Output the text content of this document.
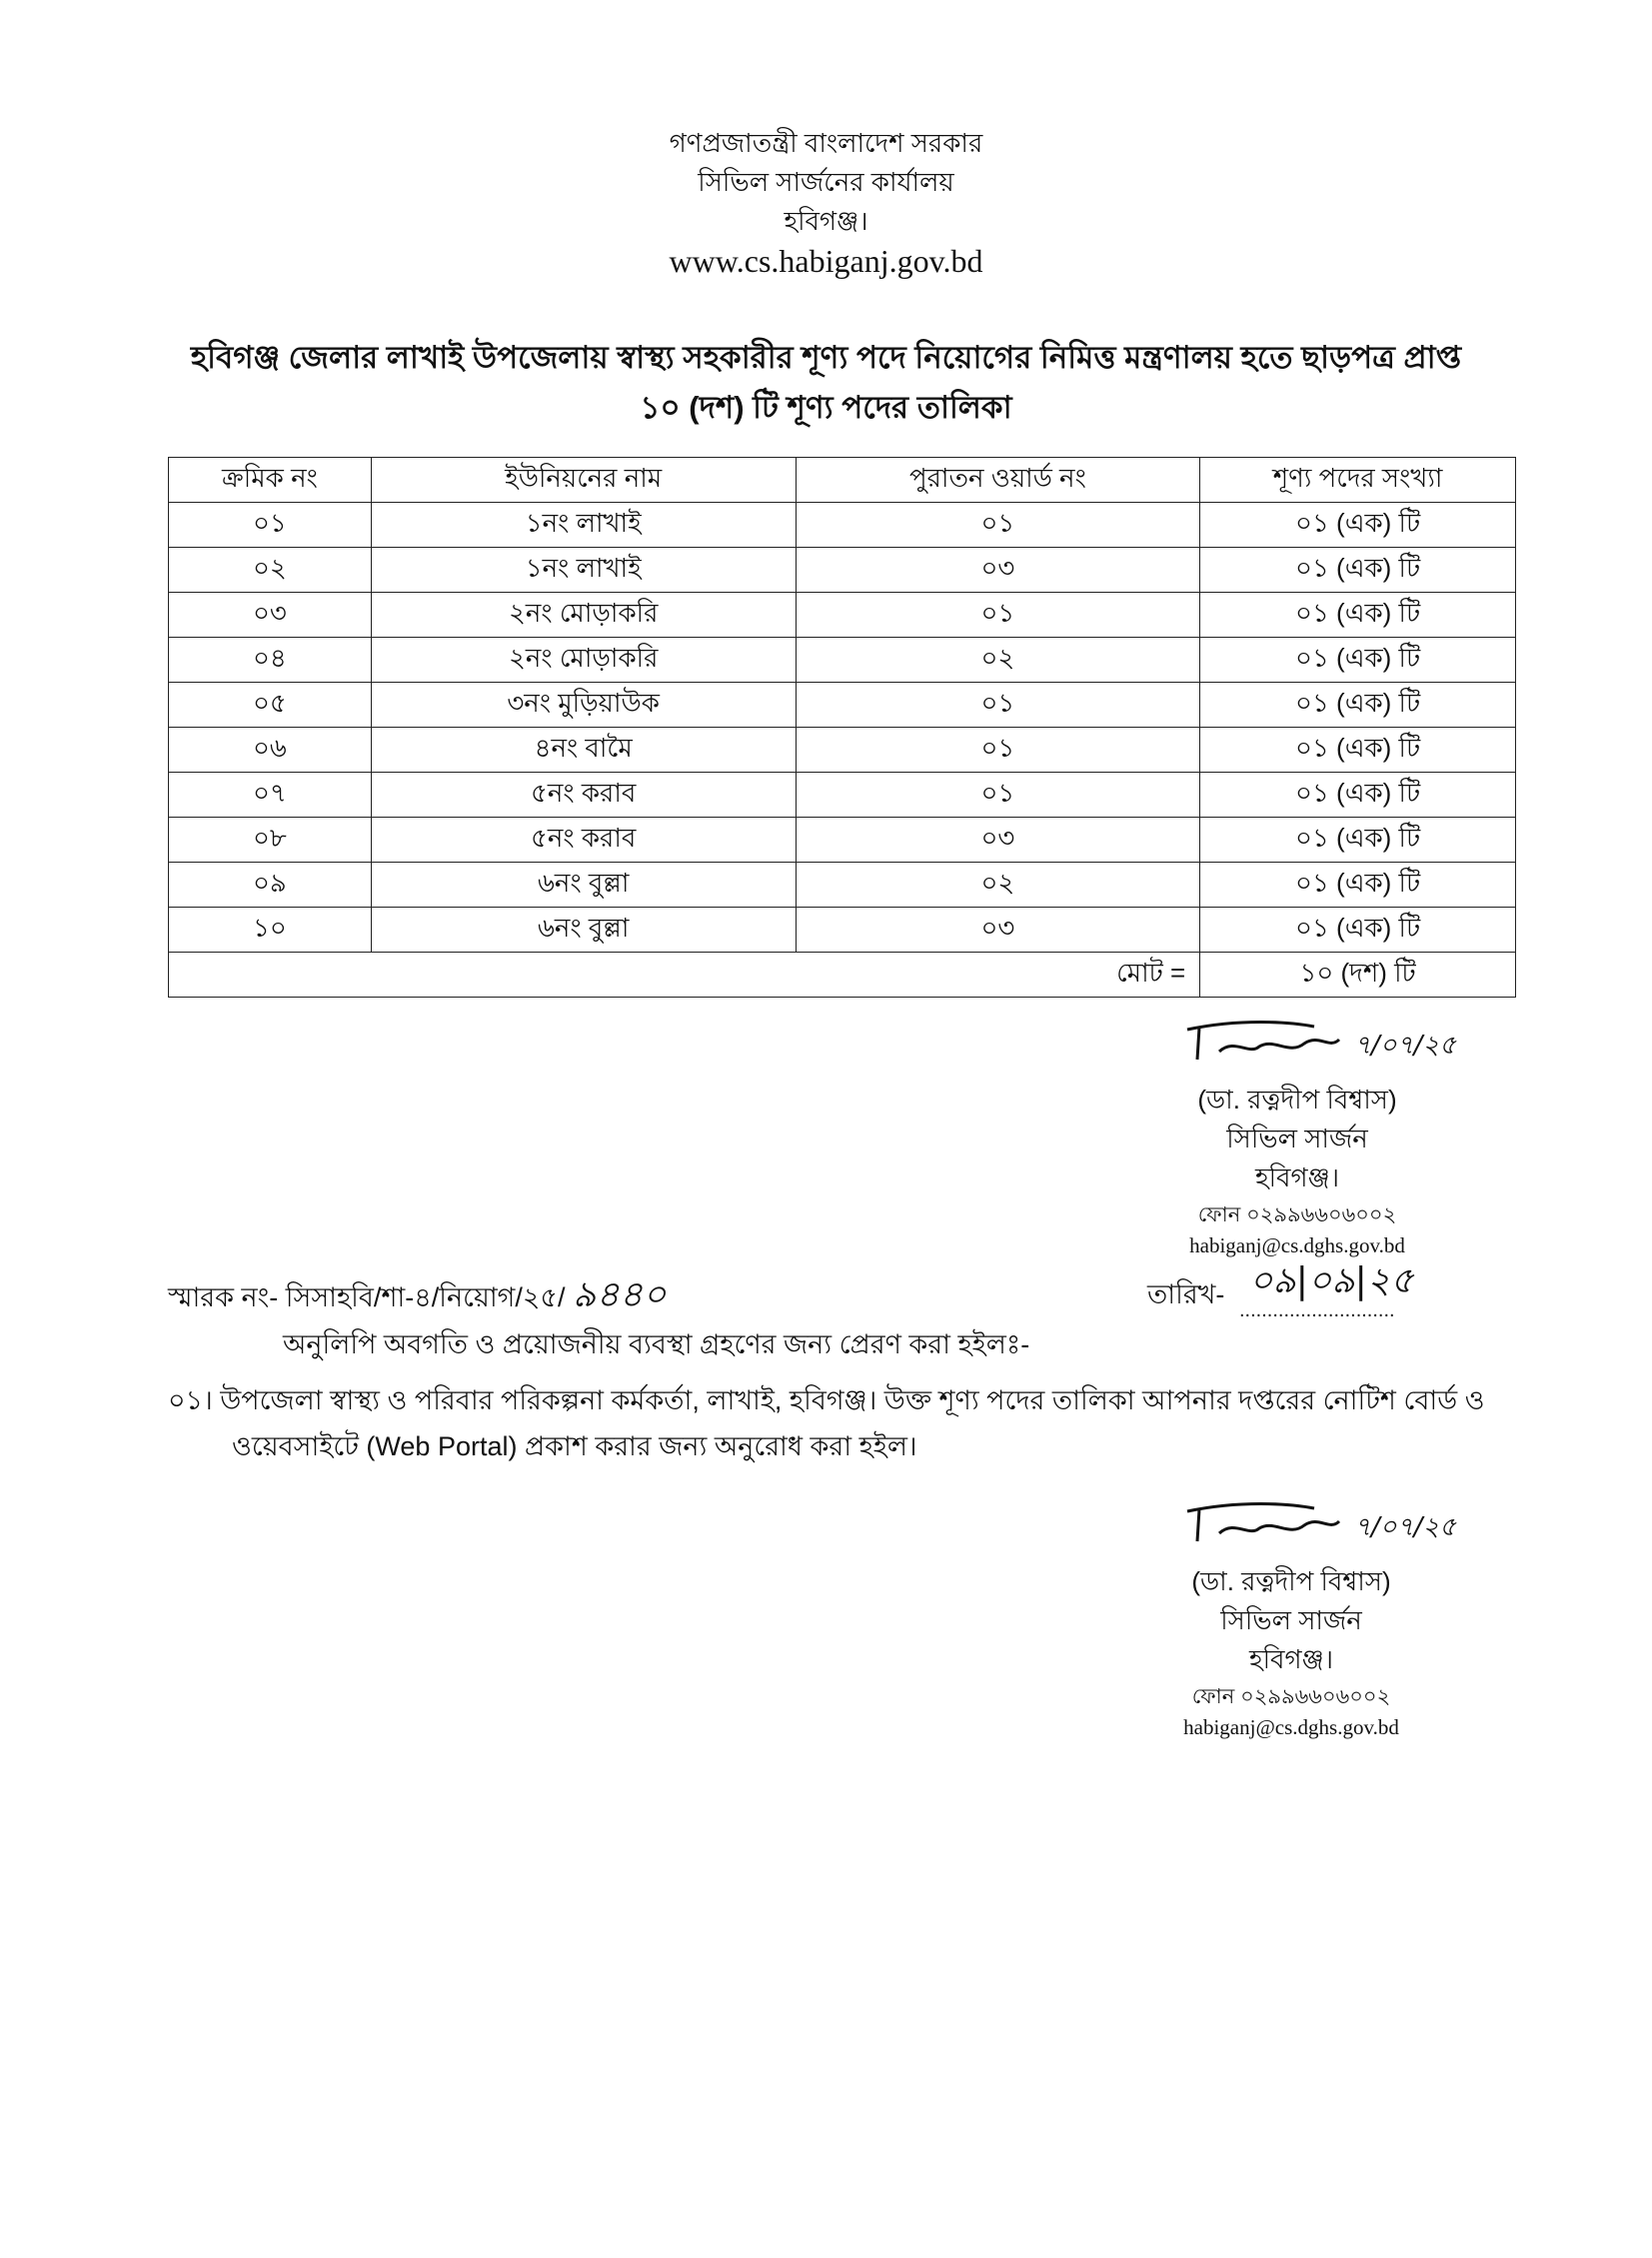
গণপ্রজাতন্ত্রী বাংলাদেশ সরকার
সিভিল সার্জনের কার্যালয়
হবিগঞ্জ।
www.cs.habiganj.gov.bd
হবিগঞ্জ জেলার লাখাই উপজেলায় স্বাস্থ্য সহকারীর শূণ্য পদে নিয়োগের নিমিত্ত মন্ত্রণালয় হতে ছাড়পত্র প্রাপ্ত
১০ (দশ) টি শূণ্য পদের তালিকা
ক্রমিক নং	ইউনিয়নের নাম	পুরাতন ওয়ার্ড নং	শূণ্য পদের সংখ্যা
০১	১নং লাখাই	০১	০১ (এক) টি
০২	১নং লাখাই	০৩	০১ (এক) টি
০৩	২নং মোড়াকরি	০১	০১ (এক) টি
০৪	২নং মোড়াকরি	০২	০১ (এক) টি
০৫	৩নং মুড়িয়াউক	০১	০১ (এক) টি
০৬	৪নং বামৈ	০১	০১ (এক) টি
০৭	৫নং করাব	০১	০১ (এক) টি
০৮	৫নং করাব	০৩	০১ (এক) টি
০৯	৬নং বুল্লা	০২	০১ (এক) টি
১০	৬নং বুল্লা	০৩	০১ (এক) টি
মোট =			১০ (দশ) টি
৭/০৭/২৫
(ডা. রত্নদীপ বিশ্বাস)
সিভিল সার্জন
হবিগঞ্জ।
ফোন ০২৯৯৬৬০৬০০২
habiganj@cs.dghs.gov.bd
স্মারক নং- সিসাহবি/শা-৪/নিয়োগ/২৫/ ৯৪৪০	তারিখ- ০৯|০৯|২৫
............................
অনুলিপি অবগতি ও প্রয়োজনীয় ব্যবস্থা গ্রহণের জন্য প্রেরণ করা হইলঃ-
০১। উপজেলা স্বাস্থ্য ও পরিবার পরিকল্পনা কর্মকর্তা, লাখাই, হবিগঞ্জ। উক্ত শূণ্য পদের তালিকা আপনার দপ্তরের নোটিশ বোর্ড ও
ওয়েবসাইটে (Web Portal) প্রকাশ করার জন্য অনুরোধ করা হইল।
৭/০৭/২৫
(ডা. রত্নদীপ বিশ্বাস)
সিভিল সার্জন
হবিগঞ্জ।
ফোন ০২৯৯৬৬০৬০০২
habiganj@cs.dghs.gov.bd
